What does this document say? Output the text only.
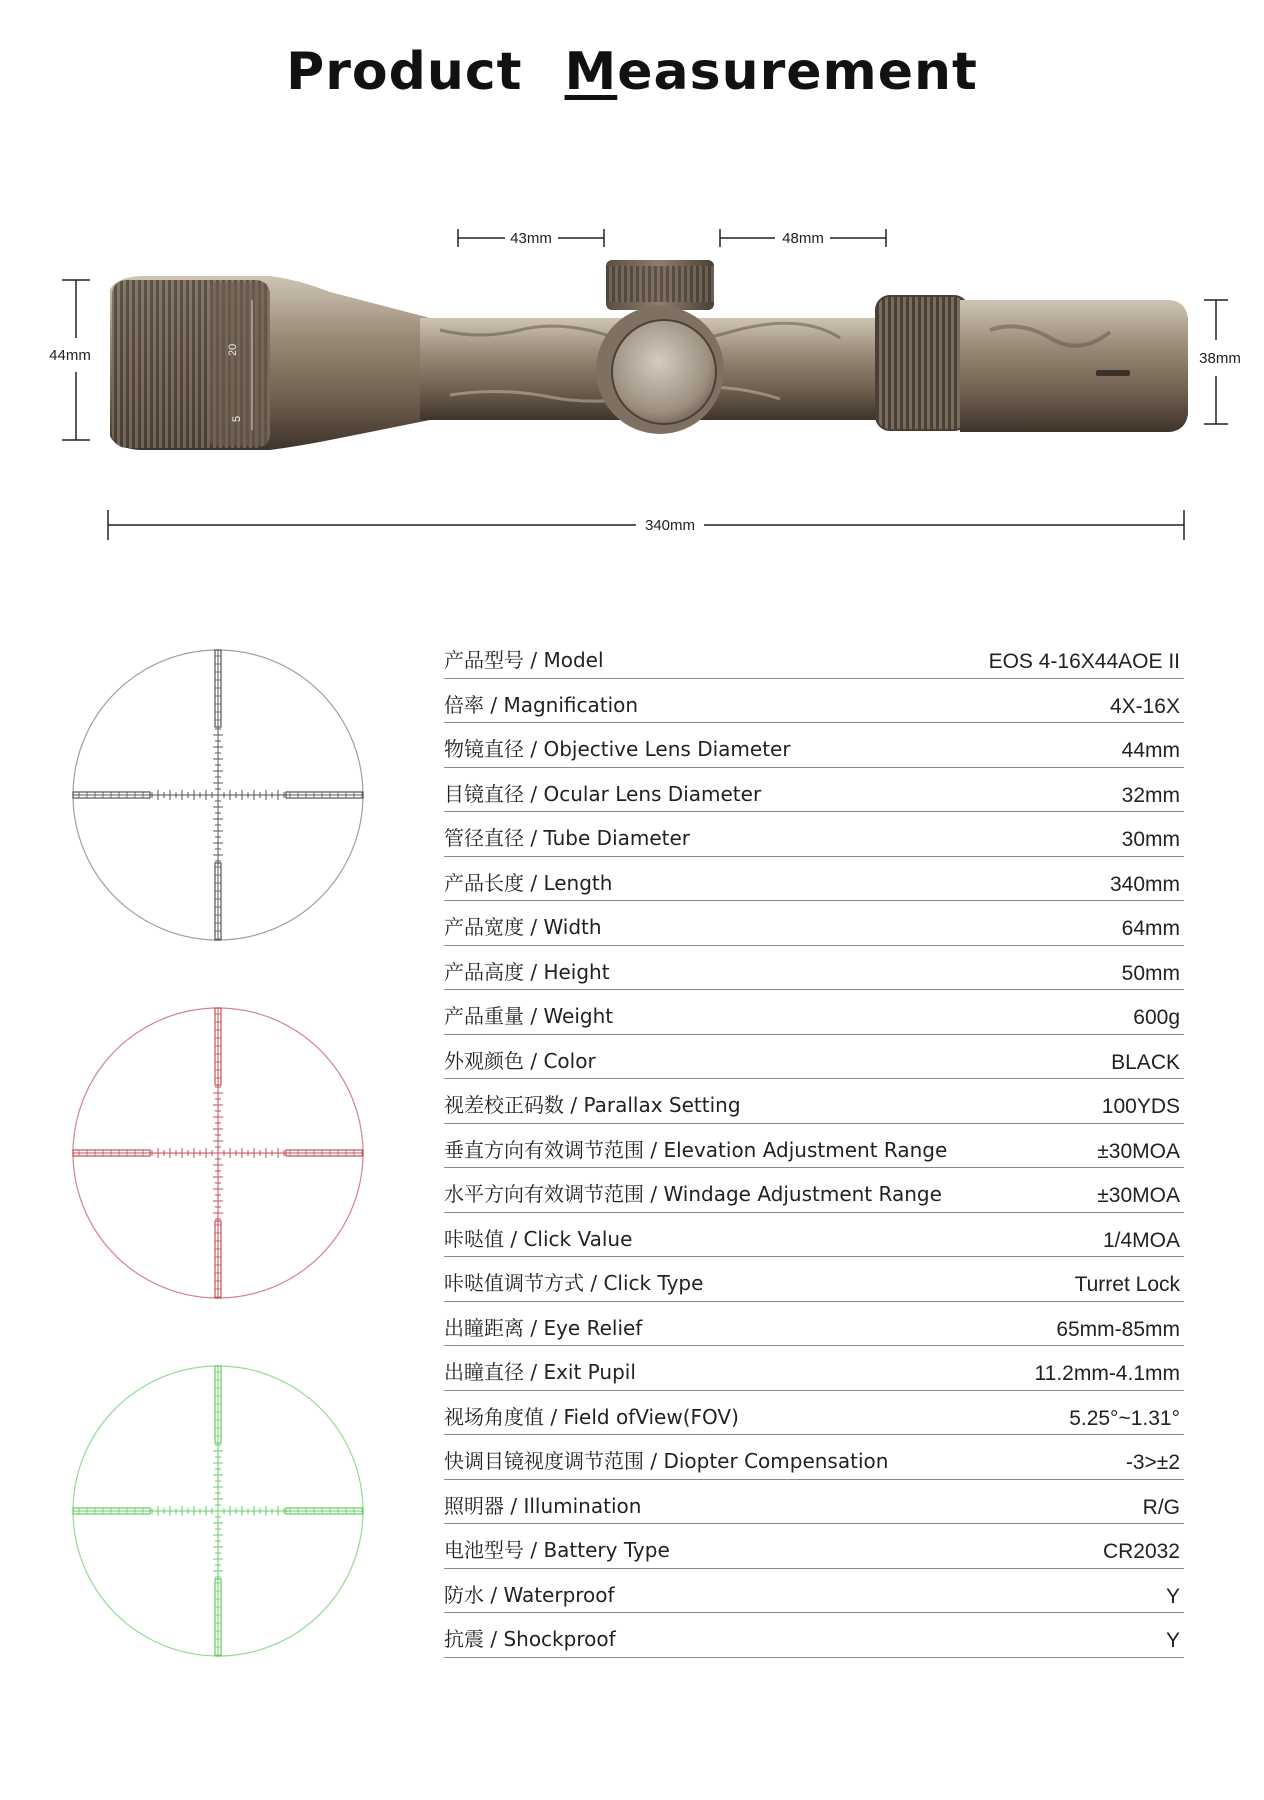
Product Measurement
20
5
43mm	48mm
44mm	38mm
340mm
产品型号 / Model	EOS 4-16X44AOE II
倍率 / Magnification	4X-16X
物镜直径 / Objective Lens Diameter	44mm
目镜直径 / Ocular Lens Diameter	32mm
管径直径 / Tube Diameter	30mm
产品长度 / Length	340mm
产品宽度 / Width	64mm
产品高度 / Height	50mm
产品重量 / Weight	600g
外观颜色 / Color	BLACK
视差校正码数 / Parallax Setting	100YDS
垂直方向有效调节范围 / Elevation Adjustment Range	±30MOA
水平方向有效调节范围 / Windage Adjustment Range	±30MOA
咔哒值 / Click Value	1/4MOA
咔哒值调节方式 / Click Type	Turret Lock
出瞳距离 / Eye Relief	65mm-85mm
出瞳直径 / Exit Pupil	11.2mm-4.1mm
视场角度值 / Field ofView(FOV)	5.25°~1.31°
快调目镜视度调节范围 / Diopter Compensation	-3>±2
照明器 / Illumination	R/G
电池型号 / Battery Type	CR2032
防水 / Waterproof	Y
抗震 / Shockproof	Y
